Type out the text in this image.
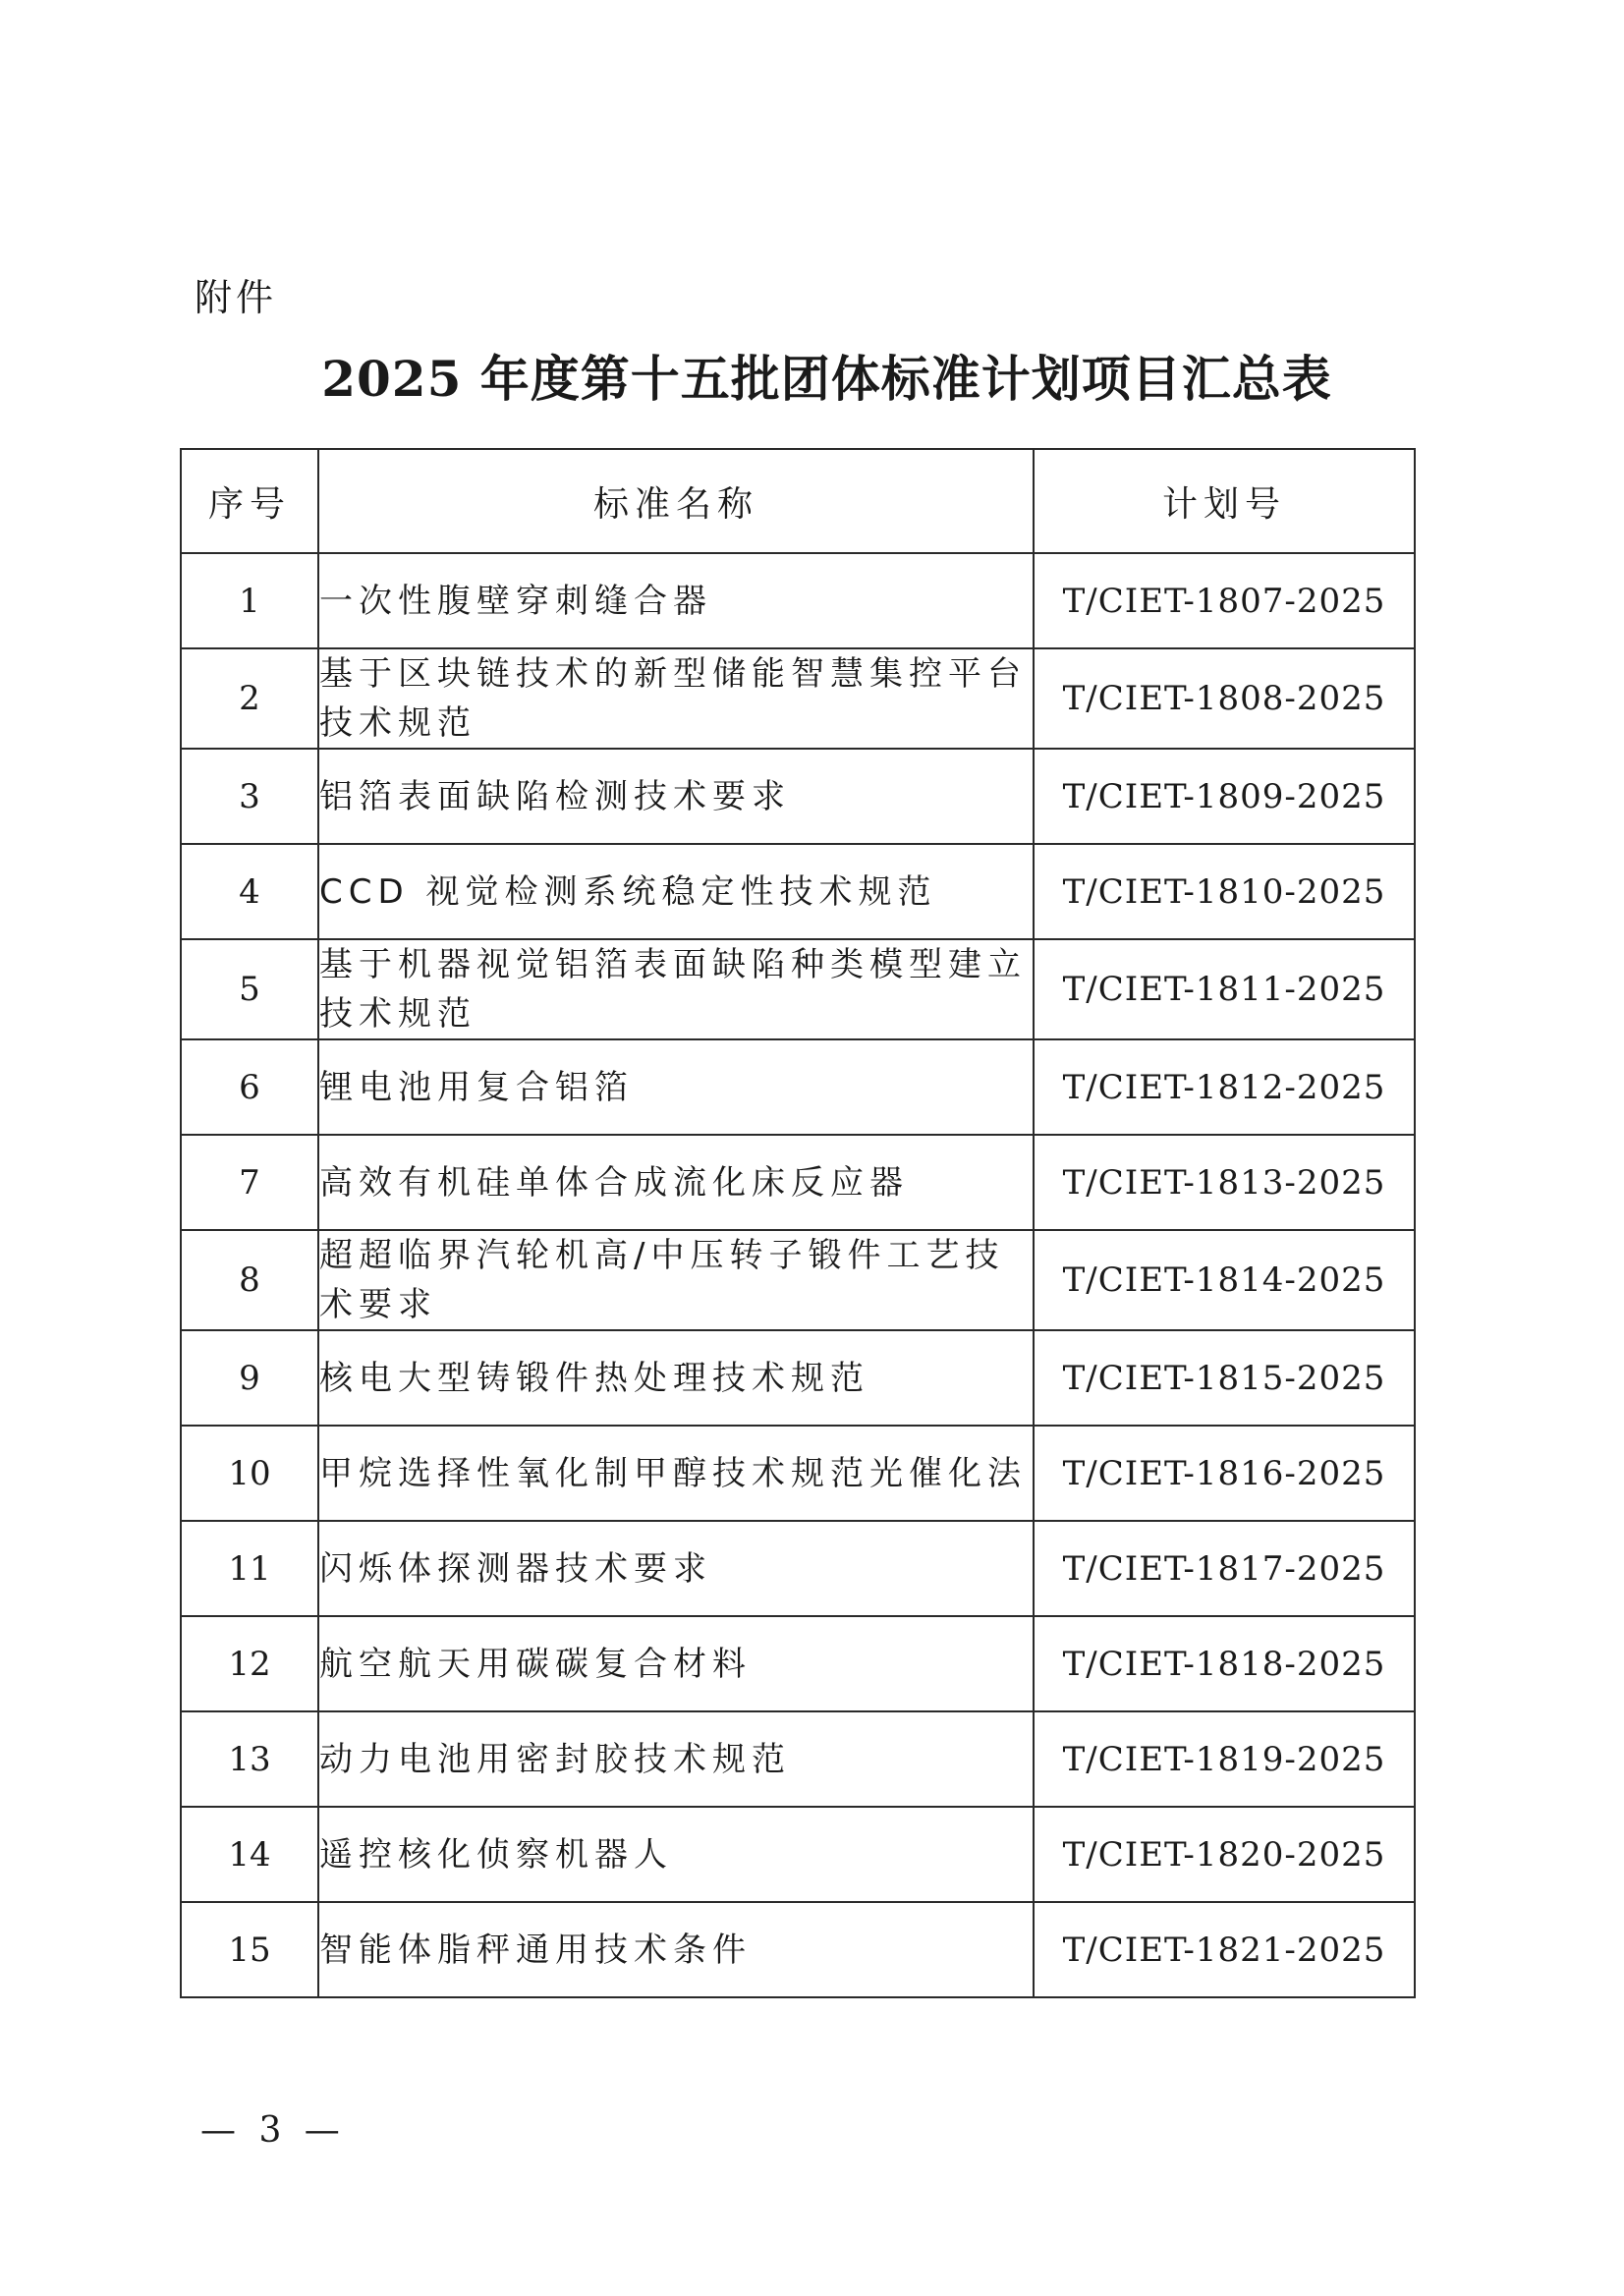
附件
2025 年度第十五批团体标准计划项目汇总表
序号	标准名称	计划号
1	一次性腹壁穿刺缝合器	T/CIET-1807-2025
2	基于区块链技术的新型储能智慧集控平台技术规范	T/CIET-1808-2025
3	铝箔表面缺陷检测技术要求	T/CIET-1809-2025
4	CCD 视觉检测系统稳定性技术规范	T/CIET-1810-2025
5	基于机器视觉铝箔表面缺陷种类模型建立技术规范	T/CIET-1811-2025
6	锂电池用复合铝箔	T/CIET-1812-2025
7	高效有机硅单体合成流化床反应器	T/CIET-1813-2025
8	超超临界汽轮机高/中压转子锻件工艺技术要求	T/CIET-1814-2025
9	核电大型铸锻件热处理技术规范	T/CIET-1815-2025
10	甲烷选择性氧化制甲醇技术规范光催化法	T/CIET-1816-2025
11	闪烁体探测器技术要求	T/CIET-1817-2025
12	航空航天用碳碳复合材料	T/CIET-1818-2025
13	动力电池用密封胶技术规范	T/CIET-1819-2025
14	遥控核化侦察机器人	T/CIET-1820-2025
15	智能体脂秤通用技术条件	T/CIET-1821-2025
— 3 —
